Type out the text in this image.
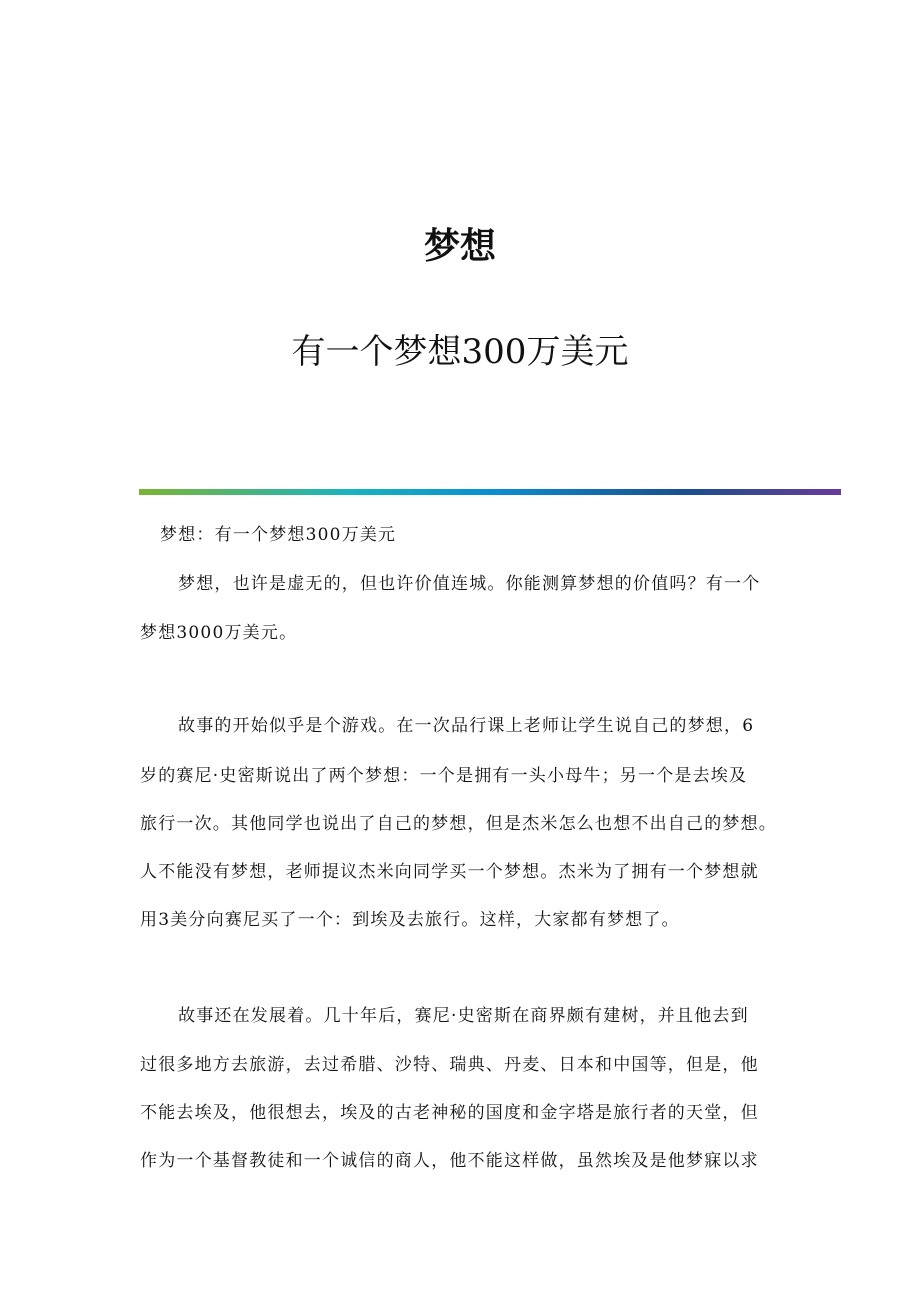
梦想
有一个梦想300万美元
梦想：有一个梦想300万美元
梦想，也许是虚无的，但也许价值连城。你能测算梦想的价值吗？有一个
梦想3000万美元。
故事的开始似乎是个游戏。在一次品行课上老师让学生说自己的梦想，6
岁的赛尼·史密斯说出了两个梦想：一个是拥有一头小母牛；另一个是去埃及
旅行一次。其他同学也说出了自己的梦想，但是杰米怎么也想不出自己的梦想。
人不能没有梦想，老师提议杰米向同学买一个梦想。杰米为了拥有一个梦想就
用3美分向赛尼买了一个：到埃及去旅行。这样，大家都有梦想了。
故事还在发展着。几十年后，赛尼·史密斯在商界颇有建树，并且他去到
过很多地方去旅游，去过希腊、沙特、瑞典、丹麦、日本和中国等，但是，他
不能去埃及，他很想去，埃及的古老神秘的国度和金字塔是旅行者的天堂，但
作为一个基督教徒和一个诚信的商人，他不能这样做，虽然埃及是他梦寐以求
